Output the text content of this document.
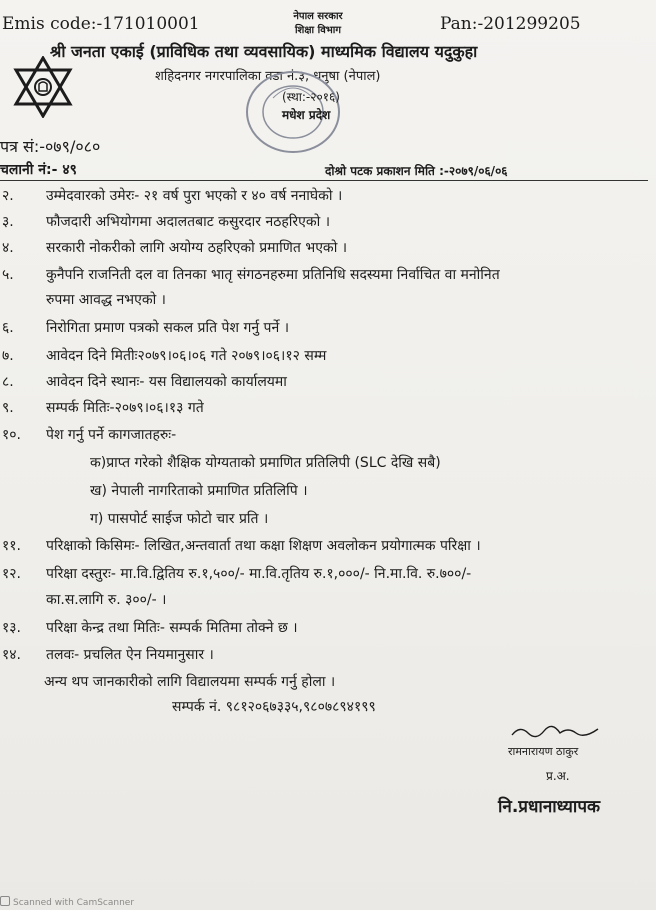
Emis code:-171010001	नेपाल सरकार
शिक्षा विभाग	Pan:-201299205
श्री जनता एकाई (प्राविधिक तथा व्यवसायिक) माध्यमिक विद्यालय यदुकुहा
शहिदनगर नगरपालिका वडा नं.३, धनुषा (नेपाल)
(स्था:-२०१६)
मधेश प्रदेश
पत्र सं:-०७९/०८०
चलानी नं:- ४९	दोश्रो पटक प्रकाशन मिति :-२०७९/०६/०६
२. उम्मेदवारको उमेरः- २१ वर्ष पुरा भएको र ४० वर्ष ननाघेको ।
३. फौजदारी अभियोगमा अदालतबाट कसुरदार नठहरिएको ।
४. सरकारी नोकरीको लागि अयोग्य ठहरिएको प्रमाणित भएको ।
५. कुनैपनि राजनिती दल वा तिनका भातृ संगठनहरुमा प्रतिनिधि सदस्यमा निर्वाचित वा मनोनित
रुपमा आवद्ध नभएको ।
६. निरोगिता प्रमाण पत्रको सकल प्रति पेश गर्नु पर्ने ।
७. आवेदन दिने मितीः२०७९।०६।०६ गते २०७९।०६।१२ सम्म
८. आवेदन दिने स्थानः- यस विद्यालयको कार्यालयमा
९. सम्पर्क मितिः-२०७९।०६।१३ गते
१०. पेश गर्नु पर्ने कागजातहरुः-
क)प्राप्त गरेको शैक्षिक योग्यताको प्रमाणित प्रतिलिपी (SLC देखि सबै)
ख) नेपाली नागरिताको प्रमाणित प्रतिलिपि ।
ग) पासपोर्ट साईज फोटो चार प्रति ।
११. परिक्षाको किसिमः- लिखित,अन्तवार्ता तथा कक्षा शिक्षण अवलोकन प्रयोगात्मक परिक्षा ।
१२. परिक्षा दस्तुरः- मा.वि.द्वितिय रु.१,५००/- मा.वि.तृतिय रु.१,०००/- नि.मा.वि. रु.७००/-
का.स.लागि रु. ३००/- ।
१३. परिक्षा केन्द्र तथा मितिः- सम्पर्क मितिमा तोक्ने छ ।
१४. तलवः- प्रचलित ऐन नियमानुसार ।
अन्य थप जानकारीको लागि विद्यालयमा सम्पर्क गर्नु होला ।
सम्पर्क नं. ९८१२०६७३३५,९८०७८९४१९९
रामनारायण ठाकुर
प्र.अ.
नि.प्रधानाध्यापक
Scanned with CamScanner
